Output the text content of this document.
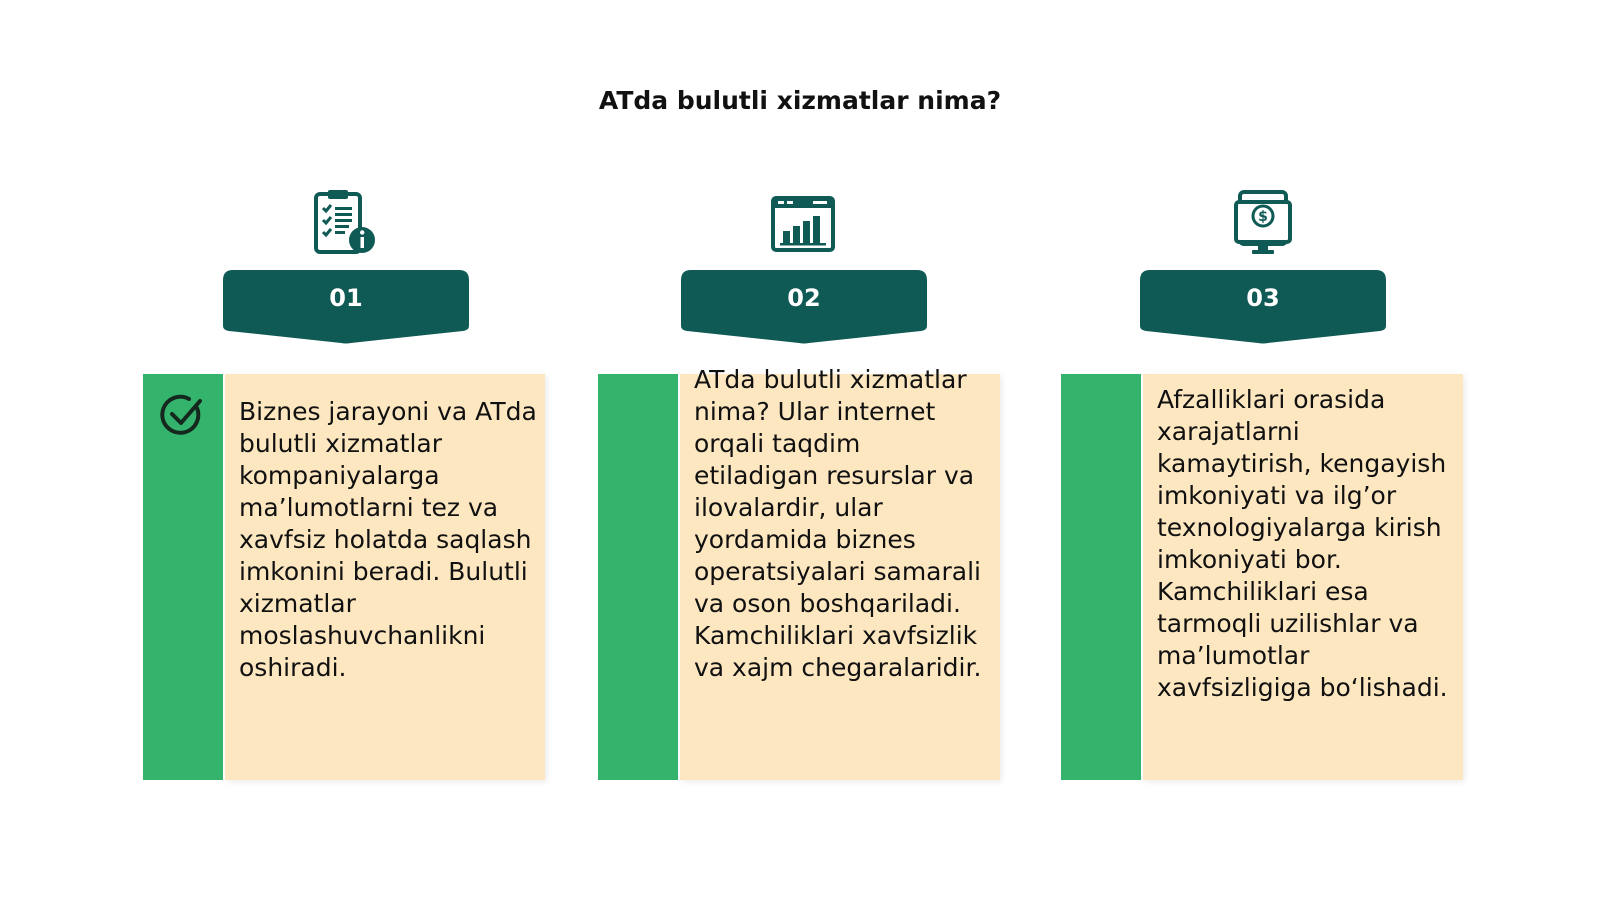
ATda bulutli xizmatlar nima?
01
Biznes jarayoni va ATda bulutli xizmatlar kompaniyalarga ma’lumotlarni tez va xavfsiz holatda saqlash imkonini beradi. Bulutli xizmatlar moslashuvchanlikni oshiradi.
02
ATda bulutli xizmatlar nima? Ular internet orqali taqdim etiladigan resurslar va ilovalardir, ular yordamida biznes operatsiyalari samarali va oson boshqariladi. Kamchiliklari xavfsizlik va xajm chegaralaridir.
$
03
Afzalliklari orasida xarajatlarni kamaytirish, kengayish imkoniyati va ilg’or texnologiyalarga kirish imkoniyati bor. Kamchiliklari esa tarmoqli uzilishlar va ma’lumotlar xavfsizligiga bo‘lishadi.
